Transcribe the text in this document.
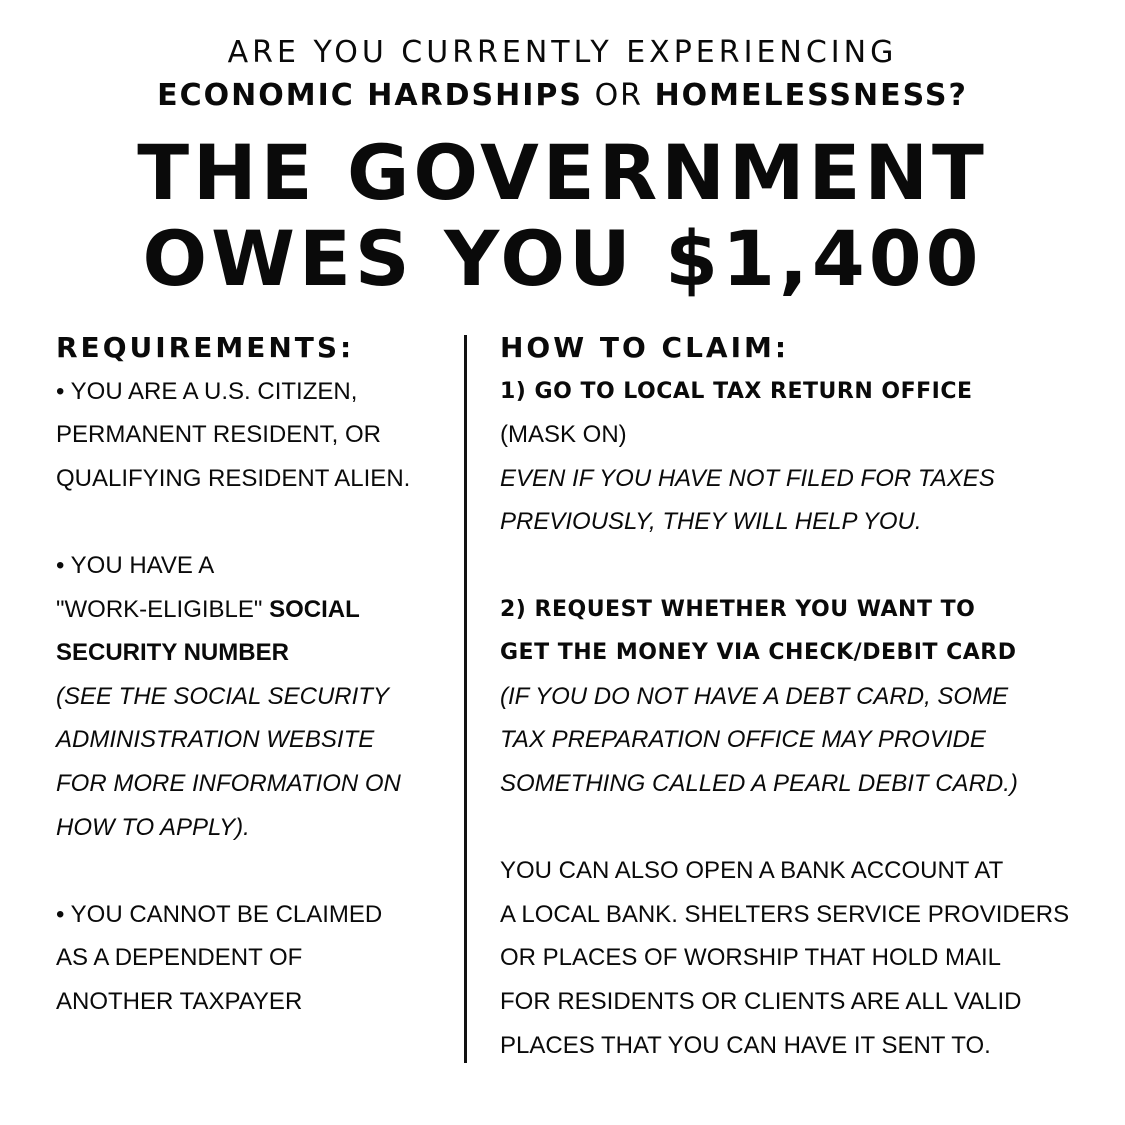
ARE YOU CURRENTLY EXPERIENCING
ECONOMIC HARDSHIPS OR HOMELESSNESS?
THE GOVERNMENT
OWES YOU $1,400
REQUIREMENTS:
• YOU ARE A U.S. CITIZEN,
PERMANENT RESIDENT, OR
QUALIFYING RESIDENT ALIEN.
• YOU HAVE A
"WORK-ELIGIBLE" SOCIAL
SECURITY NUMBER
(SEE THE SOCIAL SECURITY
ADMINISTRATION WEBSITE
FOR MORE INFORMATION ON
HOW TO APPLY).
• YOU CANNOT BE CLAIMED
AS A DEPENDENT OF
ANOTHER TAXPAYER
HOW TO CLAIM:
1) GO TO LOCAL TAX RETURN OFFICE
(MASK ON)
EVEN IF YOU HAVE NOT FILED FOR TAXES
PREVIOUSLY, THEY WILL HELP YOU.
2) REQUEST WHETHER YOU WANT TO
GET THE MONEY VIA CHECK/DEBIT CARD
(IF YOU DO NOT HAVE A DEBT CARD, SOME
TAX PREPARATION OFFICE MAY PROVIDE
SOMETHING CALLED A PEARL DEBIT CARD.)
YOU CAN ALSO OPEN A BANK ACCOUNT AT
A LOCAL BANK. SHELTERS SERVICE PROVIDERS
OR PLACES OF WORSHIP THAT HOLD MAIL
FOR RESIDENTS OR CLIENTS ARE ALL VALID
PLACES THAT YOU CAN HAVE IT SENT TO.
